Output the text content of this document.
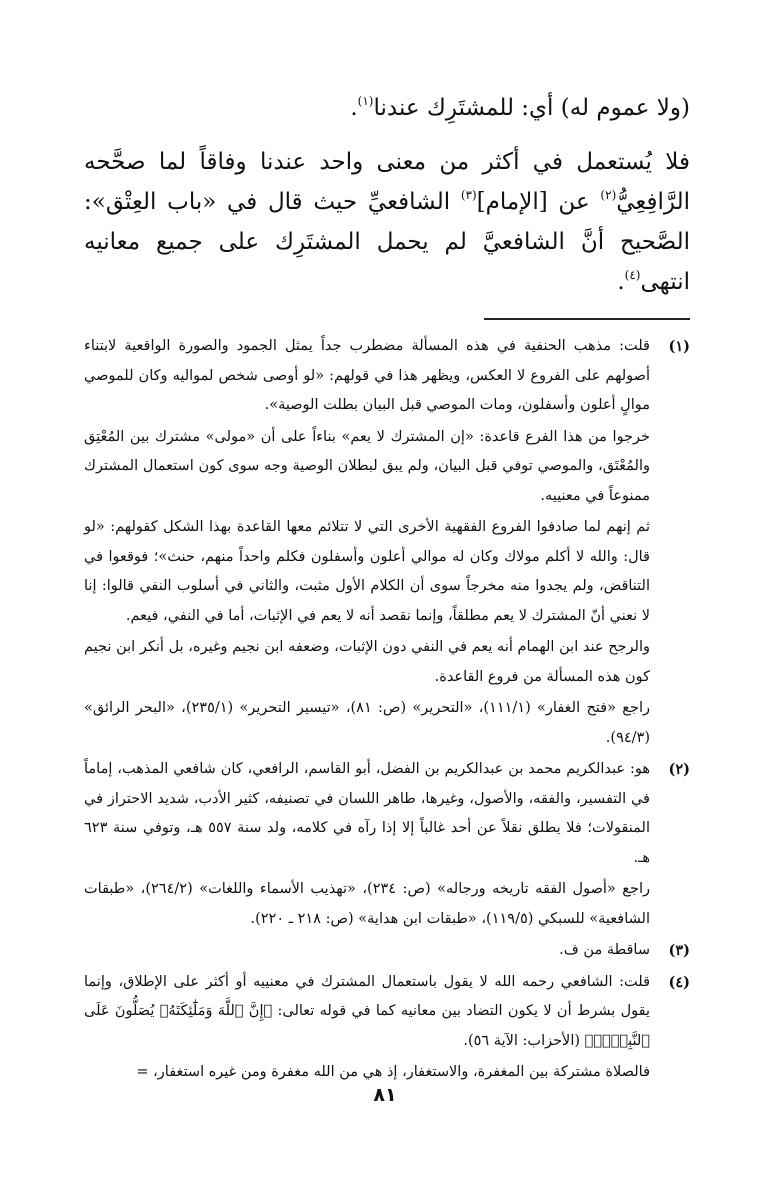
(ولا عموم له) أي: للمشتَرِك عندنا$^{(١)}$.

فلا يُستعمل في أكثر من معنى واحد عندنا وفاقاً لما صحَّحه الرَّافِعِيُّ$^{(٢)}$ عن [الإمام]$^{(٣)}$ الشافعيِّ حيث قال في «باب العِتْق»: الصَّحيح أنَّ الشافعيَّ لم يحمل المشتَرِك على جميع معانيه انتهى$^{(٤)}$.

(١)

قلت: مذهب الحنفية في هذه المسألة مضطرب جداً يمثل الجمود والصورة الواقعية لابتناء أصولهم على الفروع لا العكس، ويظهر هذا في قولهم: «لو أوصى شخص لمواليه وكان للموصي موالٍ أعلون وأسفلون، ومات الموصي قبل البيان بطلت الوصية».

خرجوا من هذا الفرع قاعدة: «إن المشترك لا يعم» بناءاً على أن «مولى» مشترك بين المُعْتِق والمُعْتَق، والموصي توفي قبل البيان، ولم يبق لبطلان الوصية وجه سوى كون استعمال المشترك ممنوعاً في معنييه.

ثم إنهم لما صادفوا الفروع الفقهية الأخرى التي لا تتلائم معها القاعدة بهذا الشكل كقولهم: «لو قال: والله لا أكلم مولاك وكان له موالي أعلون وأسفلون فكلم واحداً منهم، حنث»؛ فوقعوا في التناقض، ولم يجدوا منه مخرجاً سوى أن الكلام الأول مثبت، والثاني في أسلوب النفي قالوا: إنا لا نعني أنّ المشترك لا يعم مطلقاً، وإنما نقصد أنه لا يعم في الإثبات، أما في النفي، فيعم.

والرجح عند ابن الهمام أنه يعم في النفي دون الإثبات، وضعفه ابن نجيم وغيره، بل أنكر ابن نجيم كون هذه المسألة من فروع القاعدة.

راجع «فتح الغفار» (١١١/١)، «التحرير» (ص: ٨١)، «تيسير التحرير» (٢٣٥/١)، «البحر الرائق» (٩٤/٣).

(٢)

هو: عبدالكريم محمد بن عبدالكريم بن الفضل، أبو القاسم، الرافعي، كان شافعي المذهب، إماماً في التفسير، والفقه، والأصول، وغيرها، طاهر اللسان في تصنيفه، كثير الأدب، شديد الاحتراز في المنقولات؛ فلا يطلق نقلاً عن أحد غالباً إلا إذا رآه في كلامه، ولد سنة ٥٥٧ هـ، وتوفي سنة ٦٢٣ هـ.

راجع «أصول الفقه تاريخه ورجاله» (ص: ٢٣٤)، «تهذيب الأسماء واللغات» (٢٦٤/٢)، «طبقات الشافعية» للسبكي (١١٩/٥)، «طبقات ابن هداية» (ص: ٢١٨ ـ ٢٢٠).

(٣)

ساقطة من ف.

(٤)

قلت: الشافعي رحمه الله لا يقول باستعمال المشترك في معنييه أو أكثر على الإطلاق، وإنما يقول بشرط أن لا يكون التضاد بين معانيه كما في قوله تعالى: ﴿إِنَّ ٱللَّهَ وَمَلَٰٓئِكَتَهُۥ يُصَلُّونَ عَلَى ٱلنَّبِيِّۚ﴾ (الأحزاب: الآية ٥٦).

فالصلاة مشتركة بين المغفرة، والاستغفار، إذ هي من الله مغفرة ومن غيره استغفار، =

٨١
